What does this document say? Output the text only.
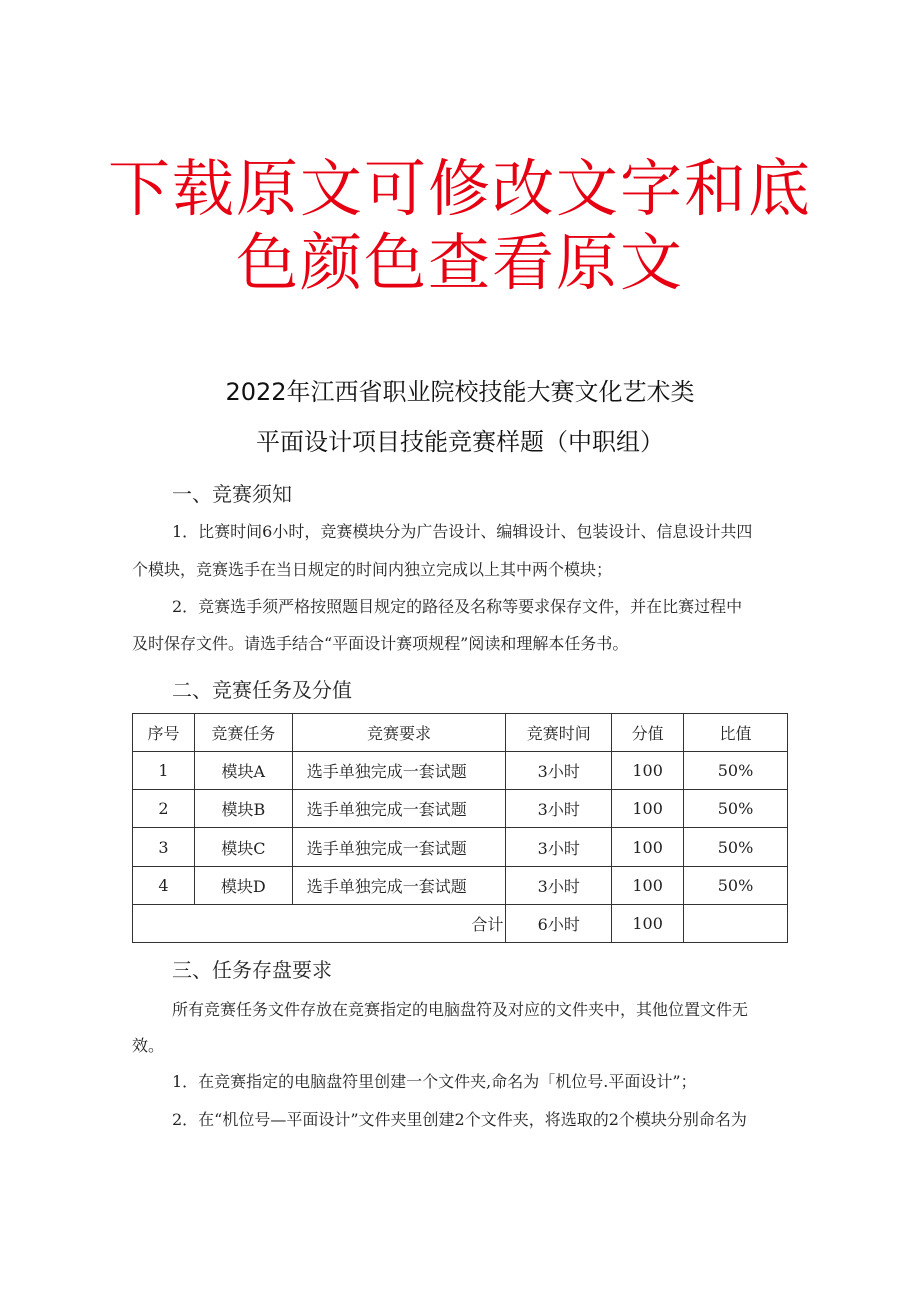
下载原文可修改文字和底
色颜色查看原文
2022年江西省职业院校技能大赛文化艺术类
平面设计项目技能竞赛样题（中职组）
一、竞赛须知
1．比赛时间6小时，竞赛模块分为广告设计、编辑设计、包装设计、信息设计共四
个模块，竞赛选手在当日规定的时间内独立完成以上其中两个模块；
2．竞赛选手须严格按照题目规定的路径及名称等要求保存文件，并在比赛过程中
及时保存文件。请选手结合“平面设计赛项规程”阅读和理解本任务书。
二、竞赛任务及分值
序号	竞赛任务	竞赛要求	竞赛时间	分值	比值
1	模块A	选手单独完成一套试题	3小时	100	50%
2	模块B	选手单独完成一套试题	3小时	100	50%
3	模块C	选手单独完成一套试题	3小时	100	50%
4	模块D	选手单独完成一套试题	3小时	100	50%
合计			6小时	100	
三、任务存盘要求
所有竞赛任务文件存放在竞赛指定的电脑盘符及对应的文件夹中，其他位置文件无
效。
1．在竞赛指定的电脑盘符里创建一个文件夹,命名为「机位号.平面设计”；
2．在“机位号—平面设计”文件夹里创建2个文件夹，将选取的2个模块分别命名为
